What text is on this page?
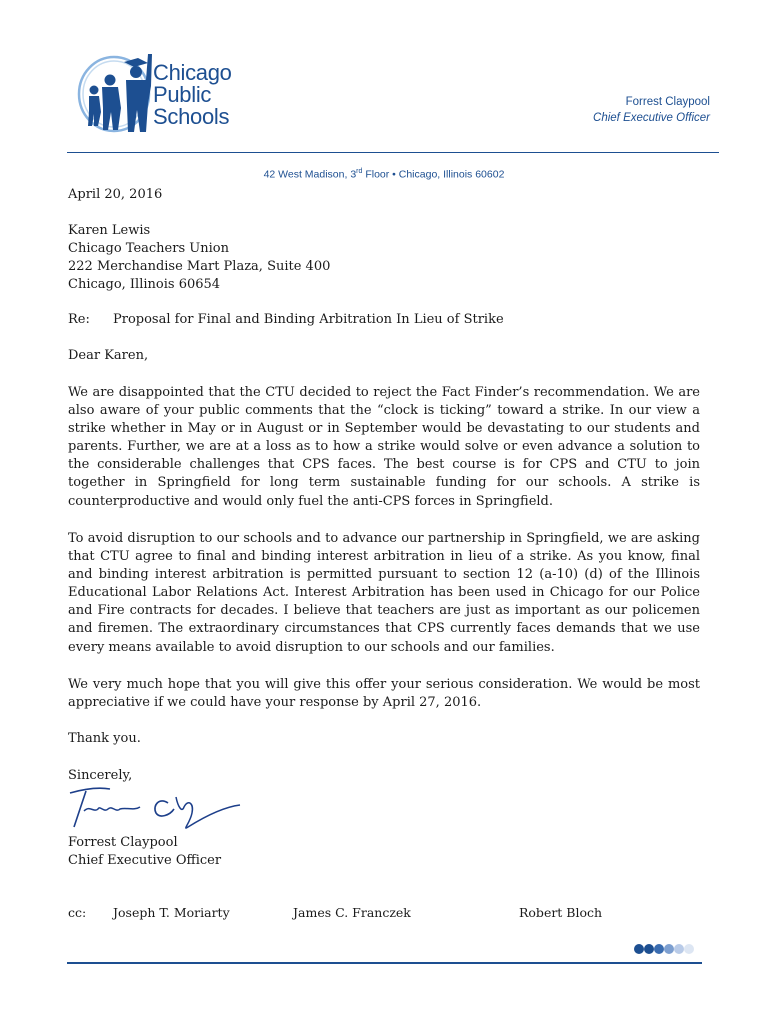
Chicago
Public
Schools
Forrest Claypool
Chief Executive Officer
42 West Madison, 3rd Floor • Chicago, Illinois 60602
April 20, 2016
Karen Lewis
Chicago Teachers Union
222 Merchandise Mart Plaza, Suite 400
Chicago, Illinois 60654
Re: Proposal for Final and Binding Arbitration In Lieu of Strike
Dear Karen,
We are disappointed that the CTU decided to reject the Fact Finder’s recommendation. We are also aware of your public comments that the “clock is ticking” toward a strike. In our view a strike whether in May or in August or in September would be devastating to our students and parents. Further, we are at a loss as to how a strike would solve or even advance a solution to the considerable challenges that CPS faces. The best course is for CPS and CTU to join together in Springfield for long term sustainable funding for our schools. A strike is counterproductive and would only fuel the anti-CPS forces in Springfield.
To avoid disruption to our schools and to advance our partnership in Springfield, we are asking that CTU agree to final and binding interest arbitration in lieu of a strike. As you know, final and binding interest arbitration is permitted pursuant to section 12 (a-10) (d) of the Illinois Educational Labor Relations Act. Interest Arbitration has been used in Chicago for our Police and Fire contracts for decades. I believe that teachers are just as important as our policemen and firemen. The extraordinary circumstances that CPS currently faces demands that we use every means available to avoid disruption to our schools and our families.
We very much hope that you will give this offer your serious consideration. We would be most appreciative if we could have your response by April 27, 2016.
Thank you.
Sincerely,
Forrest Claypool
Chief Executive Officer
cc: Joseph T. Moriarty	James C. Franczek	Robert Bloch
